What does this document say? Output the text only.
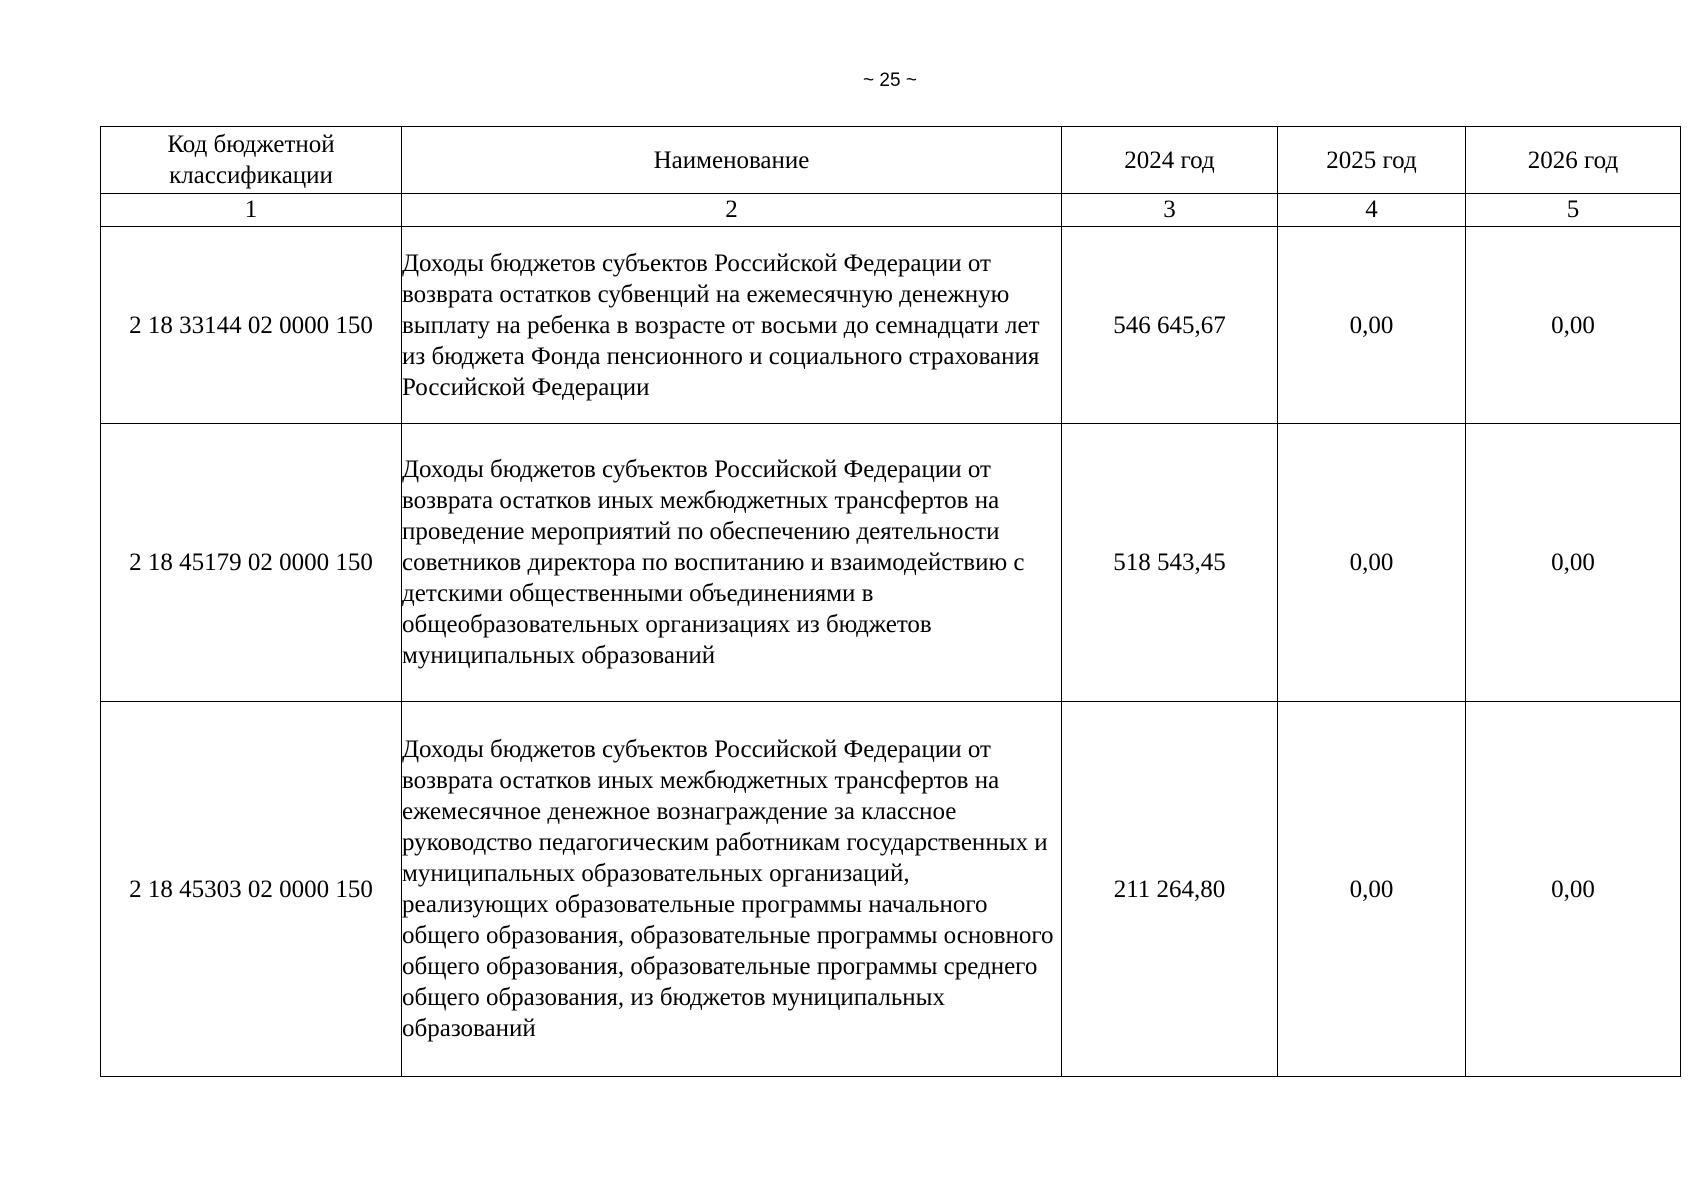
~ 25 ~
Код бюджетной классификации	Наименование	2024 год	2025 год	2026 год
1	2	3	4	5
2 18 33144 02 0000 150	Доходы бюджетов субъектов Российской Федерации от возврата остатков субвенций на ежемесячную денежную выплату на ребенка в возрасте от восьми до семнадцати лет из бюджета Фонда пенсионного и социального страхования Российской Федерации	546 645,67	0,00	0,00
2 18 45179 02 0000 150	Доходы бюджетов субъектов Российской Федерации от возврата остатков иных межбюджетных трансфертов на проведение мероприятий по обеспечению деятельности советников директора по воспитанию и взаимодействию с детскими общественными объединениями в общеобразовательных организациях из бюджетов муниципальных образований	518 543,45	0,00	0,00
2 18 45303 02 0000 150	Доходы бюджетов субъектов Российской Федерации от возврата остатков иных межбюджетных трансфертов на ежемесячное денежное вознаграждение за классное руководство педагогическим работникам государственных и муниципальных образовательных организаций, реализующих образовательные программы начального общего образования, образовательные программы основного общего образования, образовательные программы среднего общего образования, из бюджетов муниципальных образований	211 264,80	0,00	0,00
